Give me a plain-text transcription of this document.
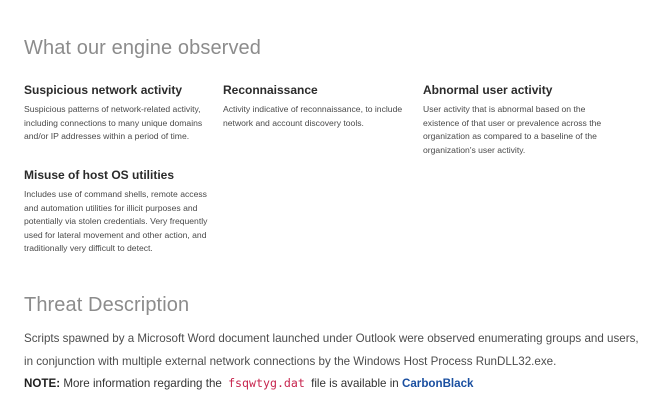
What our engine observed
Suspicious network activity

Suspicious patterns of network-related activity, including connections to many unique domains and/or IP addresses within a period of time.

Reconnaissance

Activity indicative of reconnaissance, to include network and account discovery tools.

Abnormal user activity

User activity that is abnormal based on the existence of that user or prevalence across the organization as compared to a baseline of the organization's user activity.

Misuse of host OS utilities

Includes use of command shells, remote access and automation utilities for illicit purposes and potentially via stolen credentials. Very frequently used for lateral movement and other action, and traditionally very difficult to detect.

Threat Description

Scripts spawned by a Microsoft Word document launched under Outlook were observed enumerating groups and users, in conjunction with multiple external network connections by the Windows Host Process RunDLL32.exe.

NOTE: More information regarding the fsqwtyg.dat file is available in CarbonBlack
